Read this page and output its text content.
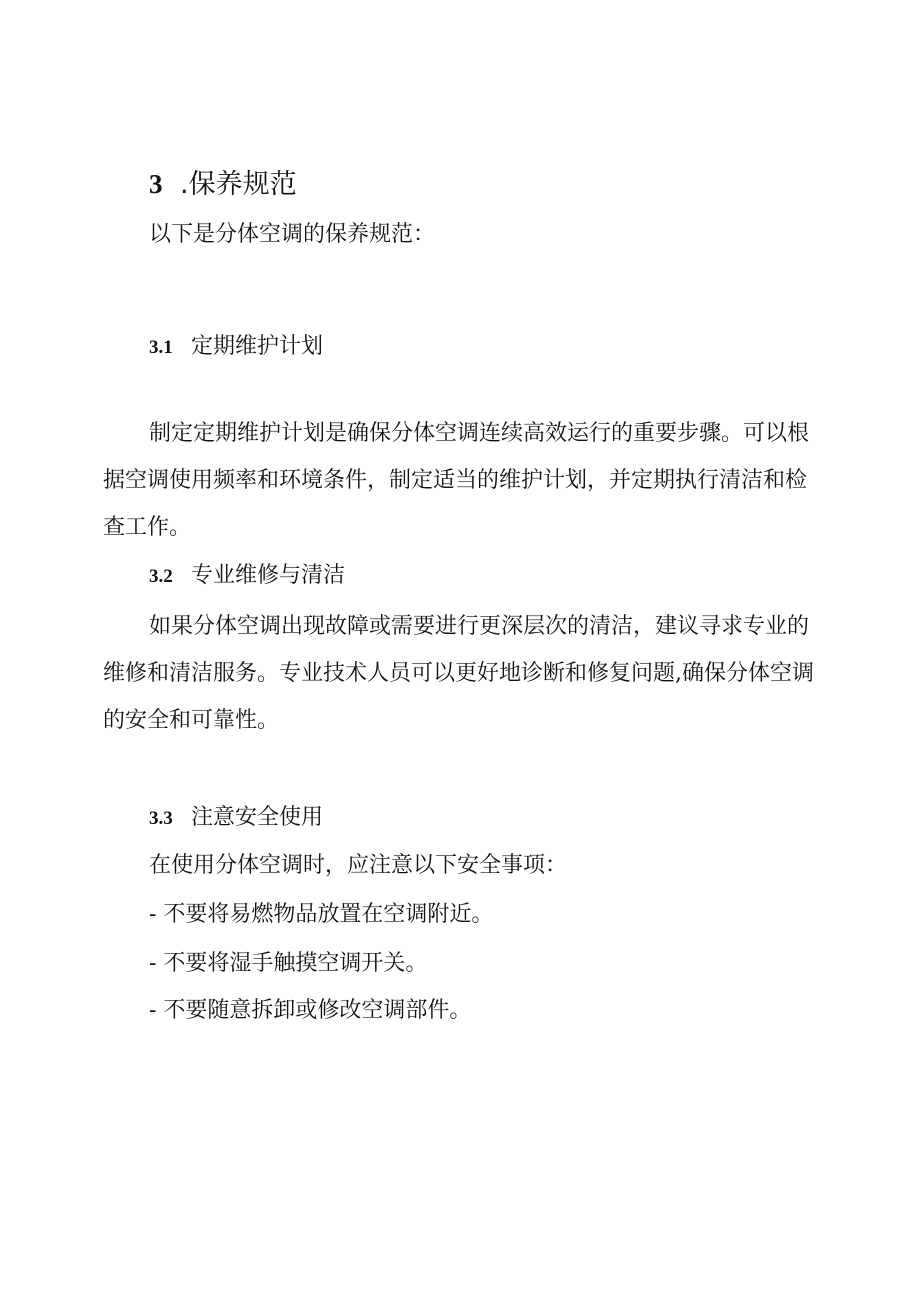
3 .保养规范
以下是分体空调的保养规范：
3.1 定期维护计划

制定定期维护计划是确保分体空调连续高效运行的重要步骤。可以根据空调使用频率和环境条件，制定适当的维护计划，并定期执行清洁和检查工作。

3.2 专业维修与清洁

如果分体空调出现故障或需要进行更深层次的清洁，建议寻求专业的维修和清洁服务。专业技术人员可以更好地诊断和修复问题,确保分体空调的安全和可靠性。

3.3 注意安全使用
在使用分体空调时，应注意以下安全事项：
- 不要将易燃物品放置在空调附近。
- 不要将湿手触摸空调开关。
- 不要随意拆卸或修改空调部件。
